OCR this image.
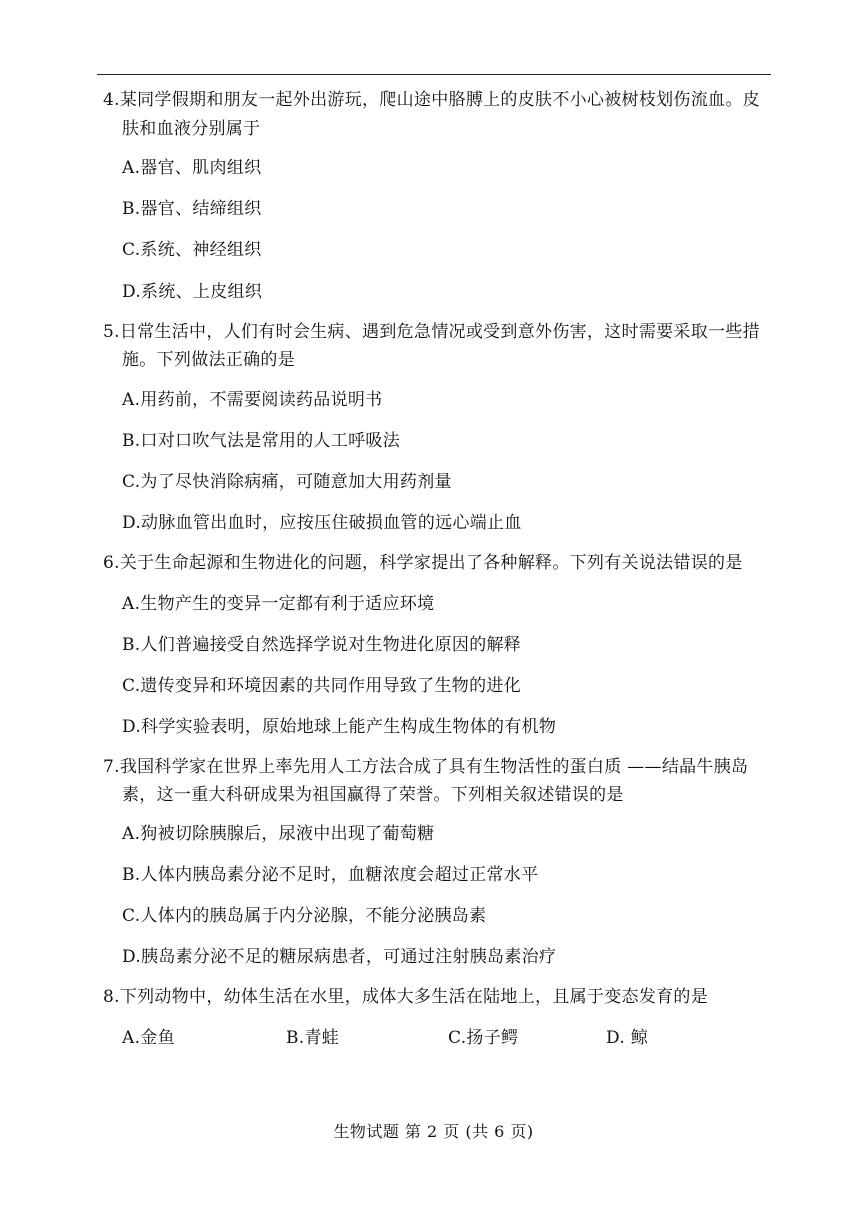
4.某同学假期和朋友一起外出游玩，爬山途中胳膊上的皮肤不小心被树枝划伤流血。皮
肤和血液分别属于
A.器官、肌肉组织
B.器官、结缔组织
C.系统、神经组织
D.系统、上皮组织
5.日常生活中，人们有时会生病、遇到危急情况或受到意外伤害，这时需要采取一些措
施。下列做法正确的是
A.用药前，不需要阅读药品说明书
B.口对口吹气法是常用的人工呼吸法
C.为了尽快消除病痛，可随意加大用药剂量
D.动脉血管出血时，应按压住破损血管的远心端止血
6.关于生命起源和生物进化的问题，科学家提出了各种解释。下列有关说法错误的是
A.生物产生的变异一定都有利于适应环境
B.人们普遍接受自然选择学说对生物进化原因的解释
C.遗传变异和环境因素的共同作用导致了生物的进化
D.科学实验表明，原始地球上能产生构成生物体的有机物
7.我国科学家在世界上率先用人工方法合成了具有生物活性的蛋白质 ——结晶牛胰岛
素，这一重大科研成果为祖国赢得了荣誉。下列相关叙述错误的是
A.狗被切除胰腺后，尿液中出现了葡萄糖
B.人体内胰岛素分泌不足时，血糖浓度会超过正常水平
C.人体内的胰岛属于内分泌腺，不能分泌胰岛素
D.胰岛素分泌不足的糖尿病患者，可通过注射胰岛素治疗
8.下列动物中，幼体生活在水里，成体大多生活在陆地上，且属于变态发育的是
A.金鱼	B.青蛙	C.扬子鳄	D. 鲸
生物试题 第 2 页 (共 6 页)
